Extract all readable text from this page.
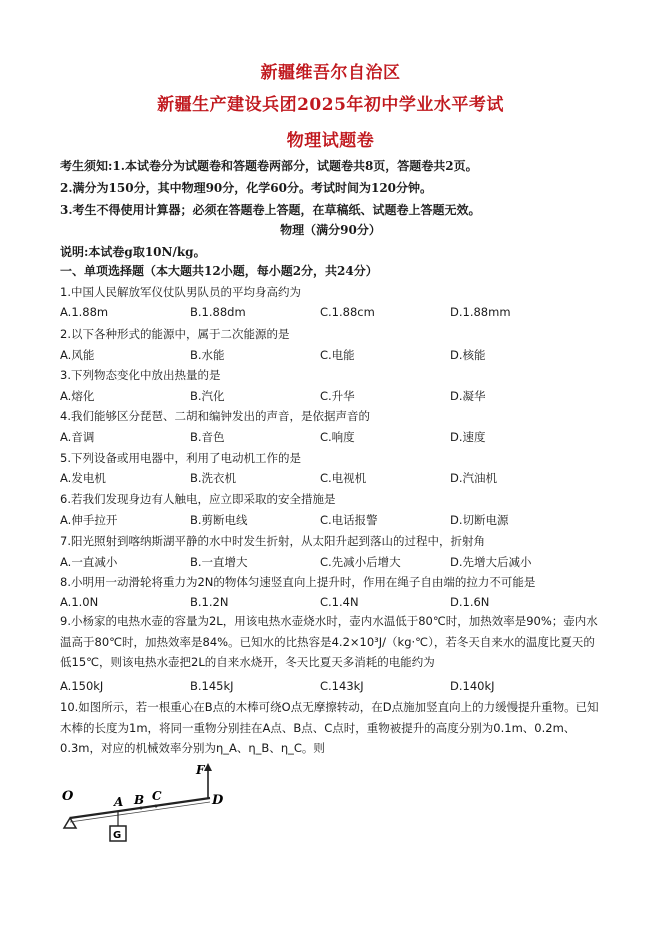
新疆维吾尔自治区
新疆生产建设兵团2025年初中学业水平考试
物理试题卷
考生须知:1.本试卷分为试题卷和答题卷两部分，试题卷共8页，答题卷共2页。
2.满分为150分，其中物理90分，化学60分。考试时间为120分钟。
3.考生不得使用计算器；必须在答题卷上答题，在草稿纸、试题卷上答题无效。
物理（满分90分）
说明:本试卷g取10N/kg。
一、单项选择题（本大题共12小题，每小题2分，共24分）
1.中国人民解放军仪仗队男队员的平均身高约为
A.1.88m	B.1.88dm	C.1.88cm	D.1.88mm
2.以下各种形式的能源中，属于二次能源的是
A.风能	B.水能	C.电能	D.核能
3.下列物态变化中放出热量的是
A.熔化	B.汽化	C.升华	D.凝华
4.我们能够区分琵琶、二胡和编钟发出的声音，是依据声音的
A.音调	B.音色	C.响度	D.速度
5.下列设备或用电器中，利用了电动机工作的是
A.发电机	B.洗衣机	C.电视机	D.汽油机
6.若我们发现身边有人触电，应立即采取的安全措施是
A.伸手拉开	B.剪断电线	C.电话报警	D.切断电源
7.阳光照射到喀纳斯湖平静的水中时发生折射，从太阳升起到落山的过程中，折射角
A.一直减小	B.一直增大	C.先减小后增大	D.先增大后减小
8.小明用一动滑轮将重力为2N的物体匀速竖直向上提升时，作用在绳子自由端的拉力不可能是
A.1.0N	B.1.2N	C.1.4N	D.1.6N
9.小杨家的电热水壶的容量为2L，用该电热水壶烧水时，壶内水温低于80℃时，加热效率是90%；壶内水温高于80℃时，加热效率是84%。已知水的比热容是4.2×10³J/（kg·℃），若冬天自来水的温度比夏天的低15℃，则该电热水壶把2L的自来水烧开，冬天比夏天多消耗的电能约为
A.150kJ	B.145kJ	C.143kJ	D.140kJ
10.如图所示，若一根重心在B点的木棒可绕O点无摩擦转动，在D点施加竖直向上的力缓慢提升重物。已知木棒的长度为1m，将同一重物分别挂在A点、B点、C点时，重物被提升的高度分别为0.1m、0.2m、0.3m，对应的机械效率分别为η_A、η_B、η_C。则
O	A B C	D
F
G
